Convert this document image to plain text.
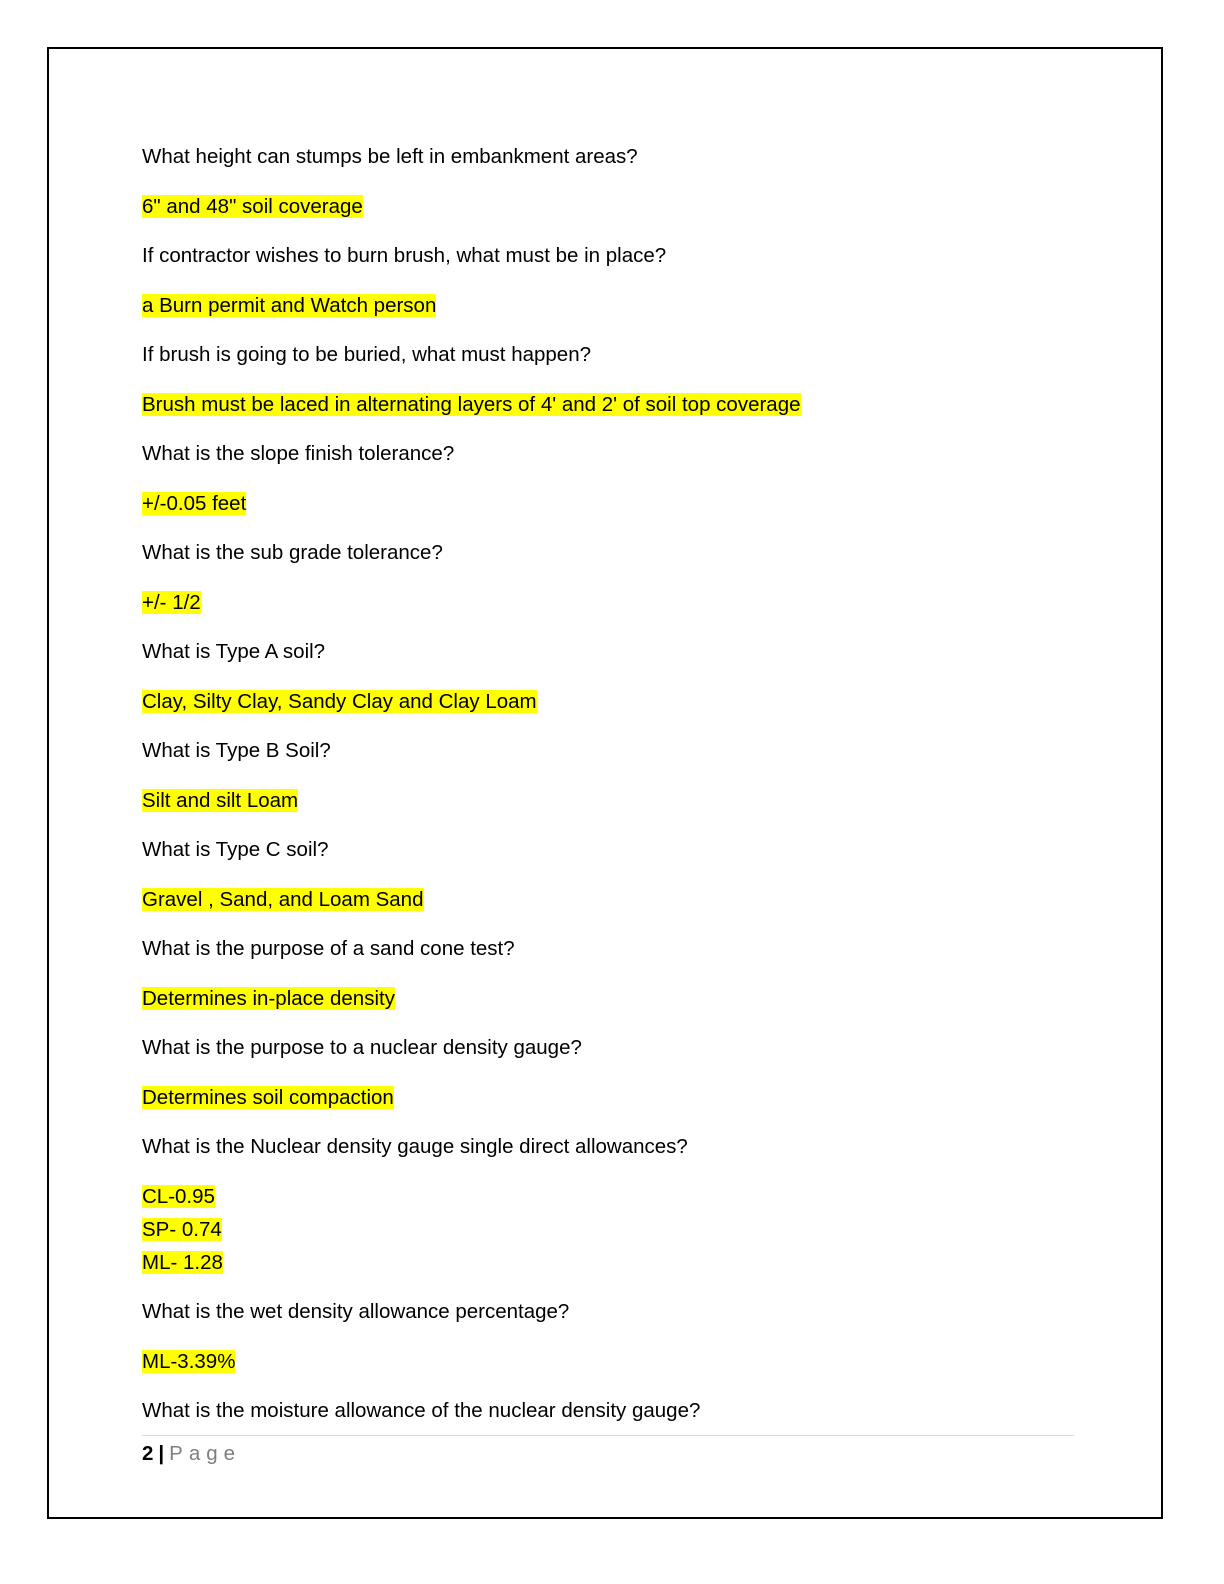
What height can stumps be left in embankment areas?

6" and 48" soil coverage

If contractor wishes to burn brush, what must be in place?

a Burn permit and Watch person

If brush is going to be buried, what must happen?

Brush must be laced in alternating layers of 4' and 2' of soil top coverage

What is the slope finish tolerance?

+/-0.05 feet

What is the sub grade tolerance?

+/- 1/2

What is Type A soil?

Clay, Silty Clay, Sandy Clay and Clay Loam

What is Type B Soil?

Silt and silt Loam

What is Type C soil?

Gravel , Sand, and Loam Sand

What is the purpose of a sand cone test?

Determines in-place density

What is the purpose to a nuclear density gauge?

Determines soil compaction

What is the Nuclear density gauge single direct allowances?

CL-0.95
SP- 0.74
ML- 1.28

What is the wet density allowance percentage?

ML-3.39%

What is the moisture allowance of the nuclear density gauge?

2 | Page
